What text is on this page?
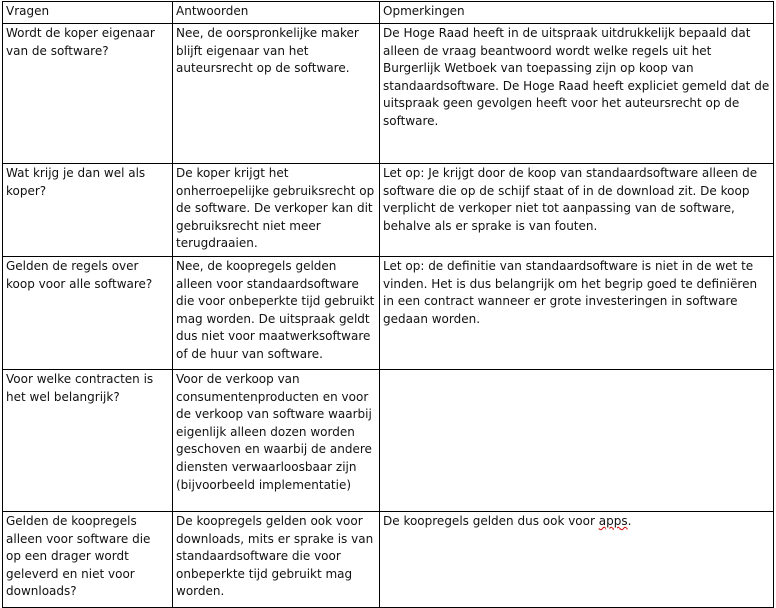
Vragen	Antwoorden	Opmerkingen
Wordt de koper eigenaar van de software?	Nee, de oorspronkelijke maker blijft eigenaar van het auteursrecht op de software.	De Hoge Raad heeft in de uitspraak uitdrukkelijk bepaald dat alleen de vraag beantwoord wordt welke regels uit het Burgerlijk Wetboek van toepassing zijn op koop van standaardsoftware. De Hoge Raad heeft expliciet gemeld dat de uitspraak geen gevolgen heeft voor het auteursrecht op de software.
Wat krijg je dan wel als koper?	De koper krijgt het onherroepelijke gebruiksrecht op de software. De verkoper kan dit gebruiksrecht niet meer terugdraaien.	Let op: Je krijgt door de koop van standaardsoftware alleen de software die op de schijf staat of in de download zit. De koop verplicht de verkoper niet tot aanpassing van de software, behalve als er sprake is van fouten.
Gelden de regels over koop voor alle software?	Nee, de koopregels gelden alleen voor standaardsoftware die voor onbeperkte tijd gebruikt mag worden. De uitspraak geldt dus niet voor maatwerksoftware of de huur van software.	Let op: de definitie van standaardsoftware is niet in de wet te vinden. Het is dus belangrijk om het begrip goed te definiëren in een contract wanneer er grote investeringen in software gedaan worden.
Voor welke contracten is het wel belangrijk?	Voor de verkoop van consumentenproducten en voor de verkoop van software waarbij eigenlijk alleen dozen worden geschoven en waarbij de andere diensten verwaarloosbaar zijn (bijvoorbeeld implementatie)	
Gelden de koopregels alleen voor software die op een drager wordt geleverd en niet voor downloads?	De koopregels gelden ook voor downloads, mits er sprake is van standaardsoftware die voor onbeperkte tijd gebruikt mag worden.	De koopregels gelden dus ook voor apps.
